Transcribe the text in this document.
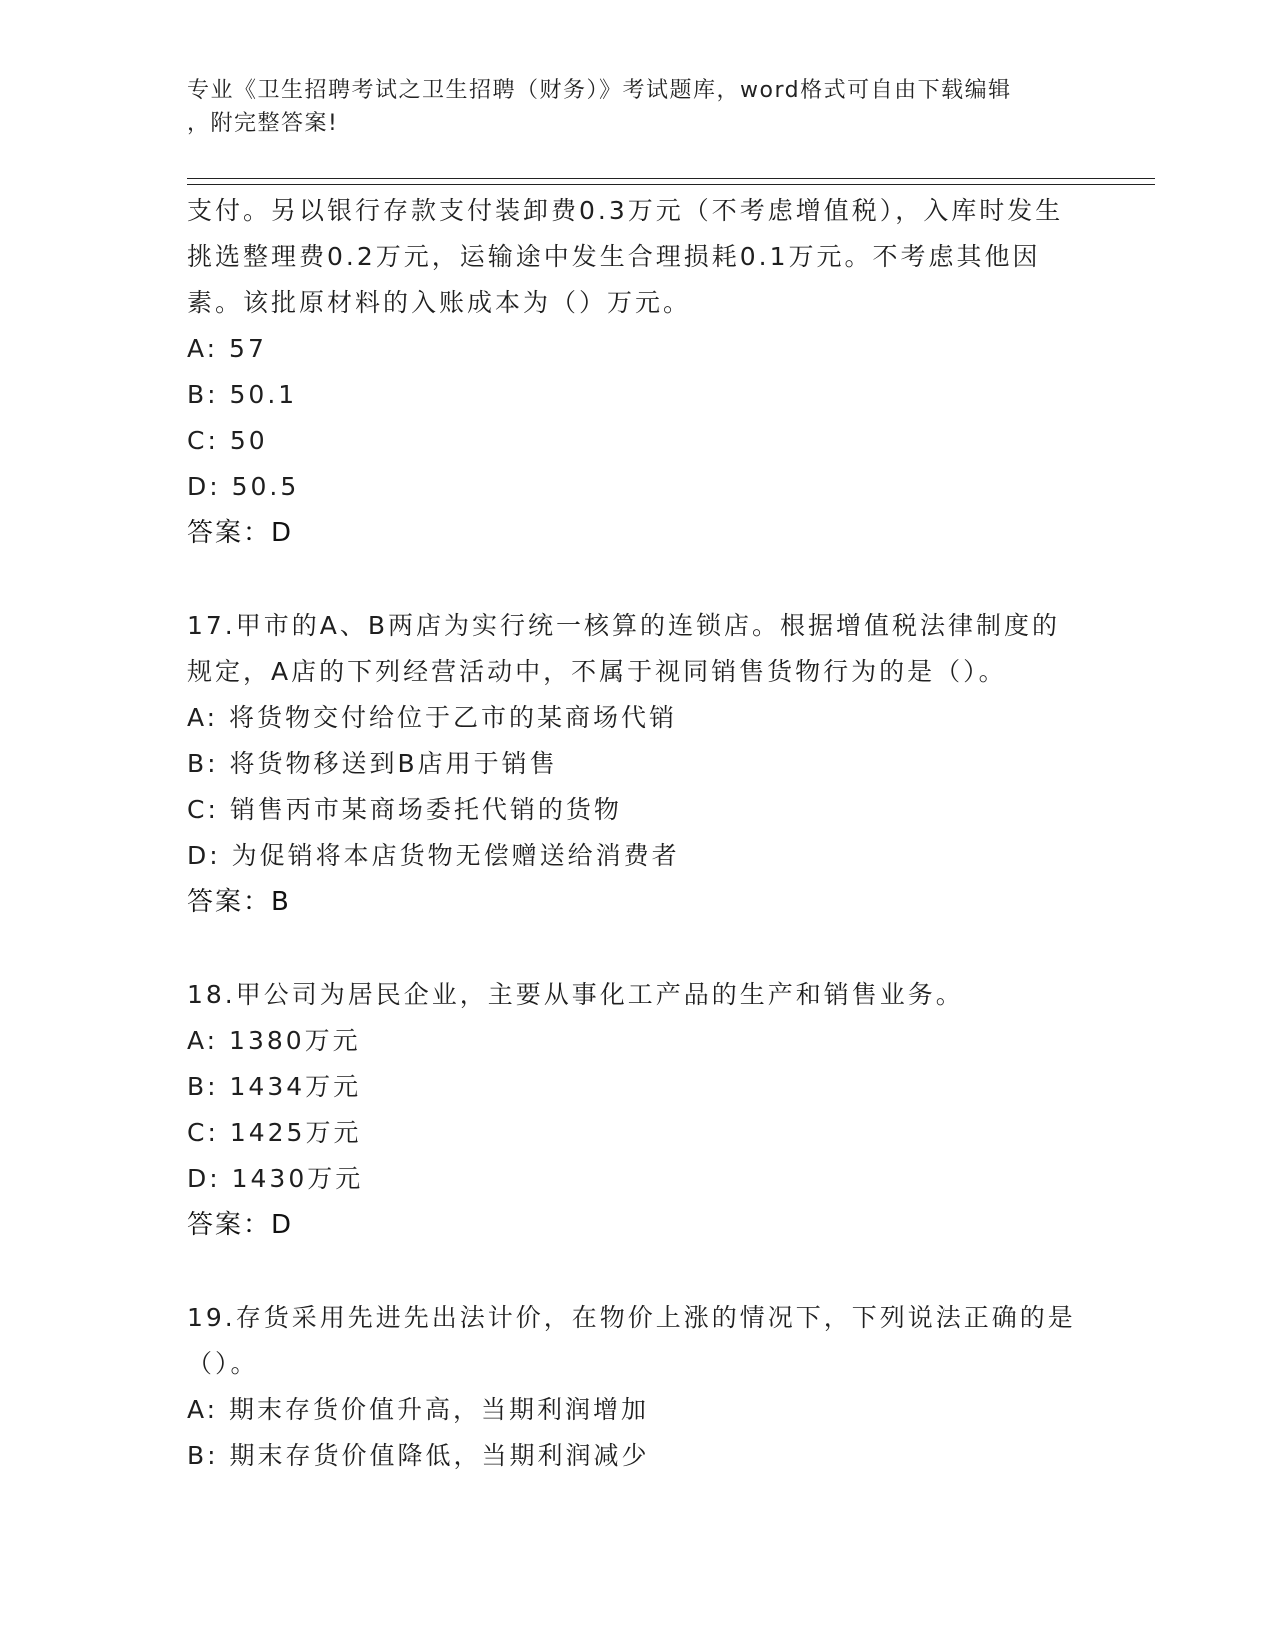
专业《卫生招聘考试之卫生招聘（财务）》考试题库，word格式可自由下载编辑
，附完整答案!
支付。另以银行存款支付装卸费0.3万元（不考虑增值税），入库时发生挑选整理费0.2万元，运输途中发生合理损耗0.1万元。不考虑其他因素。该批原材料的入账成本为（）万元。
A: 57
B: 50.1
C: 50
D: 50.5
答案：D
17.甲市的A、B两店为实行统一核算的连锁店。根据增值税法律制度的规定，A店的下列经营活动中，不属于视同销售货物行为的是（）。
A: 将货物交付给位于乙市的某商场代销
B: 将货物移送到B店用于销售
C: 销售丙市某商场委托代销的货物
D: 为促销将本店货物无偿赠送给消费者
答案：B
18.甲公司为居民企业，主要从事化工产品的生产和销售业务。
A: 1380万元
B: 1434万元
C: 1425万元
D: 1430万元
答案：D
19.存货采用先进先出法计价，在物价上涨的情况下，下列说法正确的是（）。
A: 期末存货价值升高，当期利润增加
B: 期末存货价值降低，当期利润减少
